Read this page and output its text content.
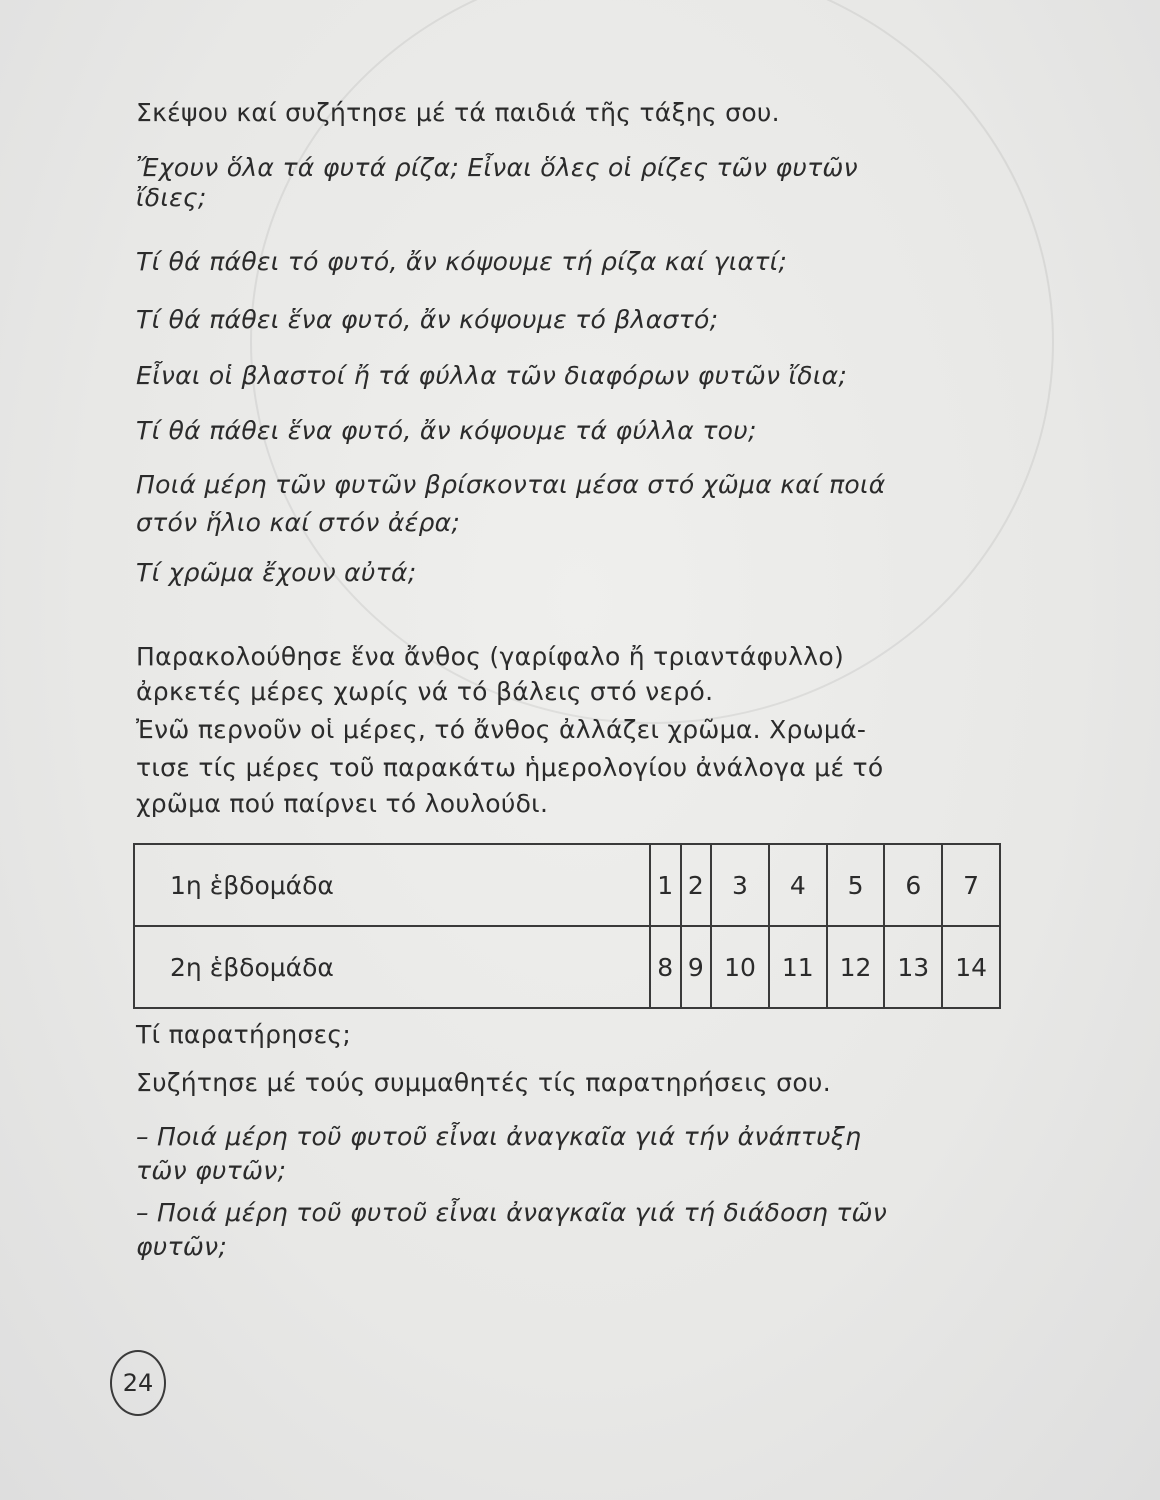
Σκέψου καί συζήτησε μέ τά παιδιά τῆς τάξης σου.
Ἔχουν ὅλα τά φυτά ρίζα; Εἶναι ὅλες οἱ ρίζες τῶν φυτῶν
ἴδιες;
Τί θά πάθει τό φυτό, ἄν κόψουμε τή ρίζα καί γιατί;
Τί θά πάθει ἕνα φυτό, ἄν κόψουμε τό βλαστό;
Εἶναι οἱ βλαστοί ἤ τά φύλλα τῶν διαφόρων φυτῶν ἴδια;
Τί θά πάθει ἕνα φυτό, ἄν κόψουμε τά φύλλα του;
Ποιά μέρη τῶν φυτῶν βρίσκονται μέσα στό χῶμα καί ποιά
στόν ἥλιο καί στόν ἀέρα;
Τί χρῶμα ἔχουν αὐτά;
Παρακολούθησε ἕνα ἄνθος (γαρίφαλο ἤ τριαντάφυλλο)
ἀρκετές μέρες χωρίς νά τό βάλεις στό νερό.
Ἐνῶ περνοῦν οἱ μέρες, τό ἄνθος ἀλλάζει χρῶμα. Χρωμά-
τισε τίς μέρες τοῦ παρακάτω ἡμερολογίου ἀνάλογα μέ τό
χρῶμα πού παίρνει τό λουλούδι.
1η ἑβδομάδα	1	2	3	4	5	6	7
2η ἑβδομάδα	8	9	10	11	12	13	14
Τί παρατήρησες;
Συζήτησε μέ τούς συμμαθητές τίς παρατηρήσεις σου.
– Ποιά μέρη τοῦ φυτοῦ εἶναι ἀναγκαῖα γιά τήν ἀνάπτυξη
τῶν φυτῶν;
– Ποιά μέρη τοῦ φυτοῦ εἶναι ἀναγκαῖα γιά τή διάδοση τῶν
φυτῶν;
24
